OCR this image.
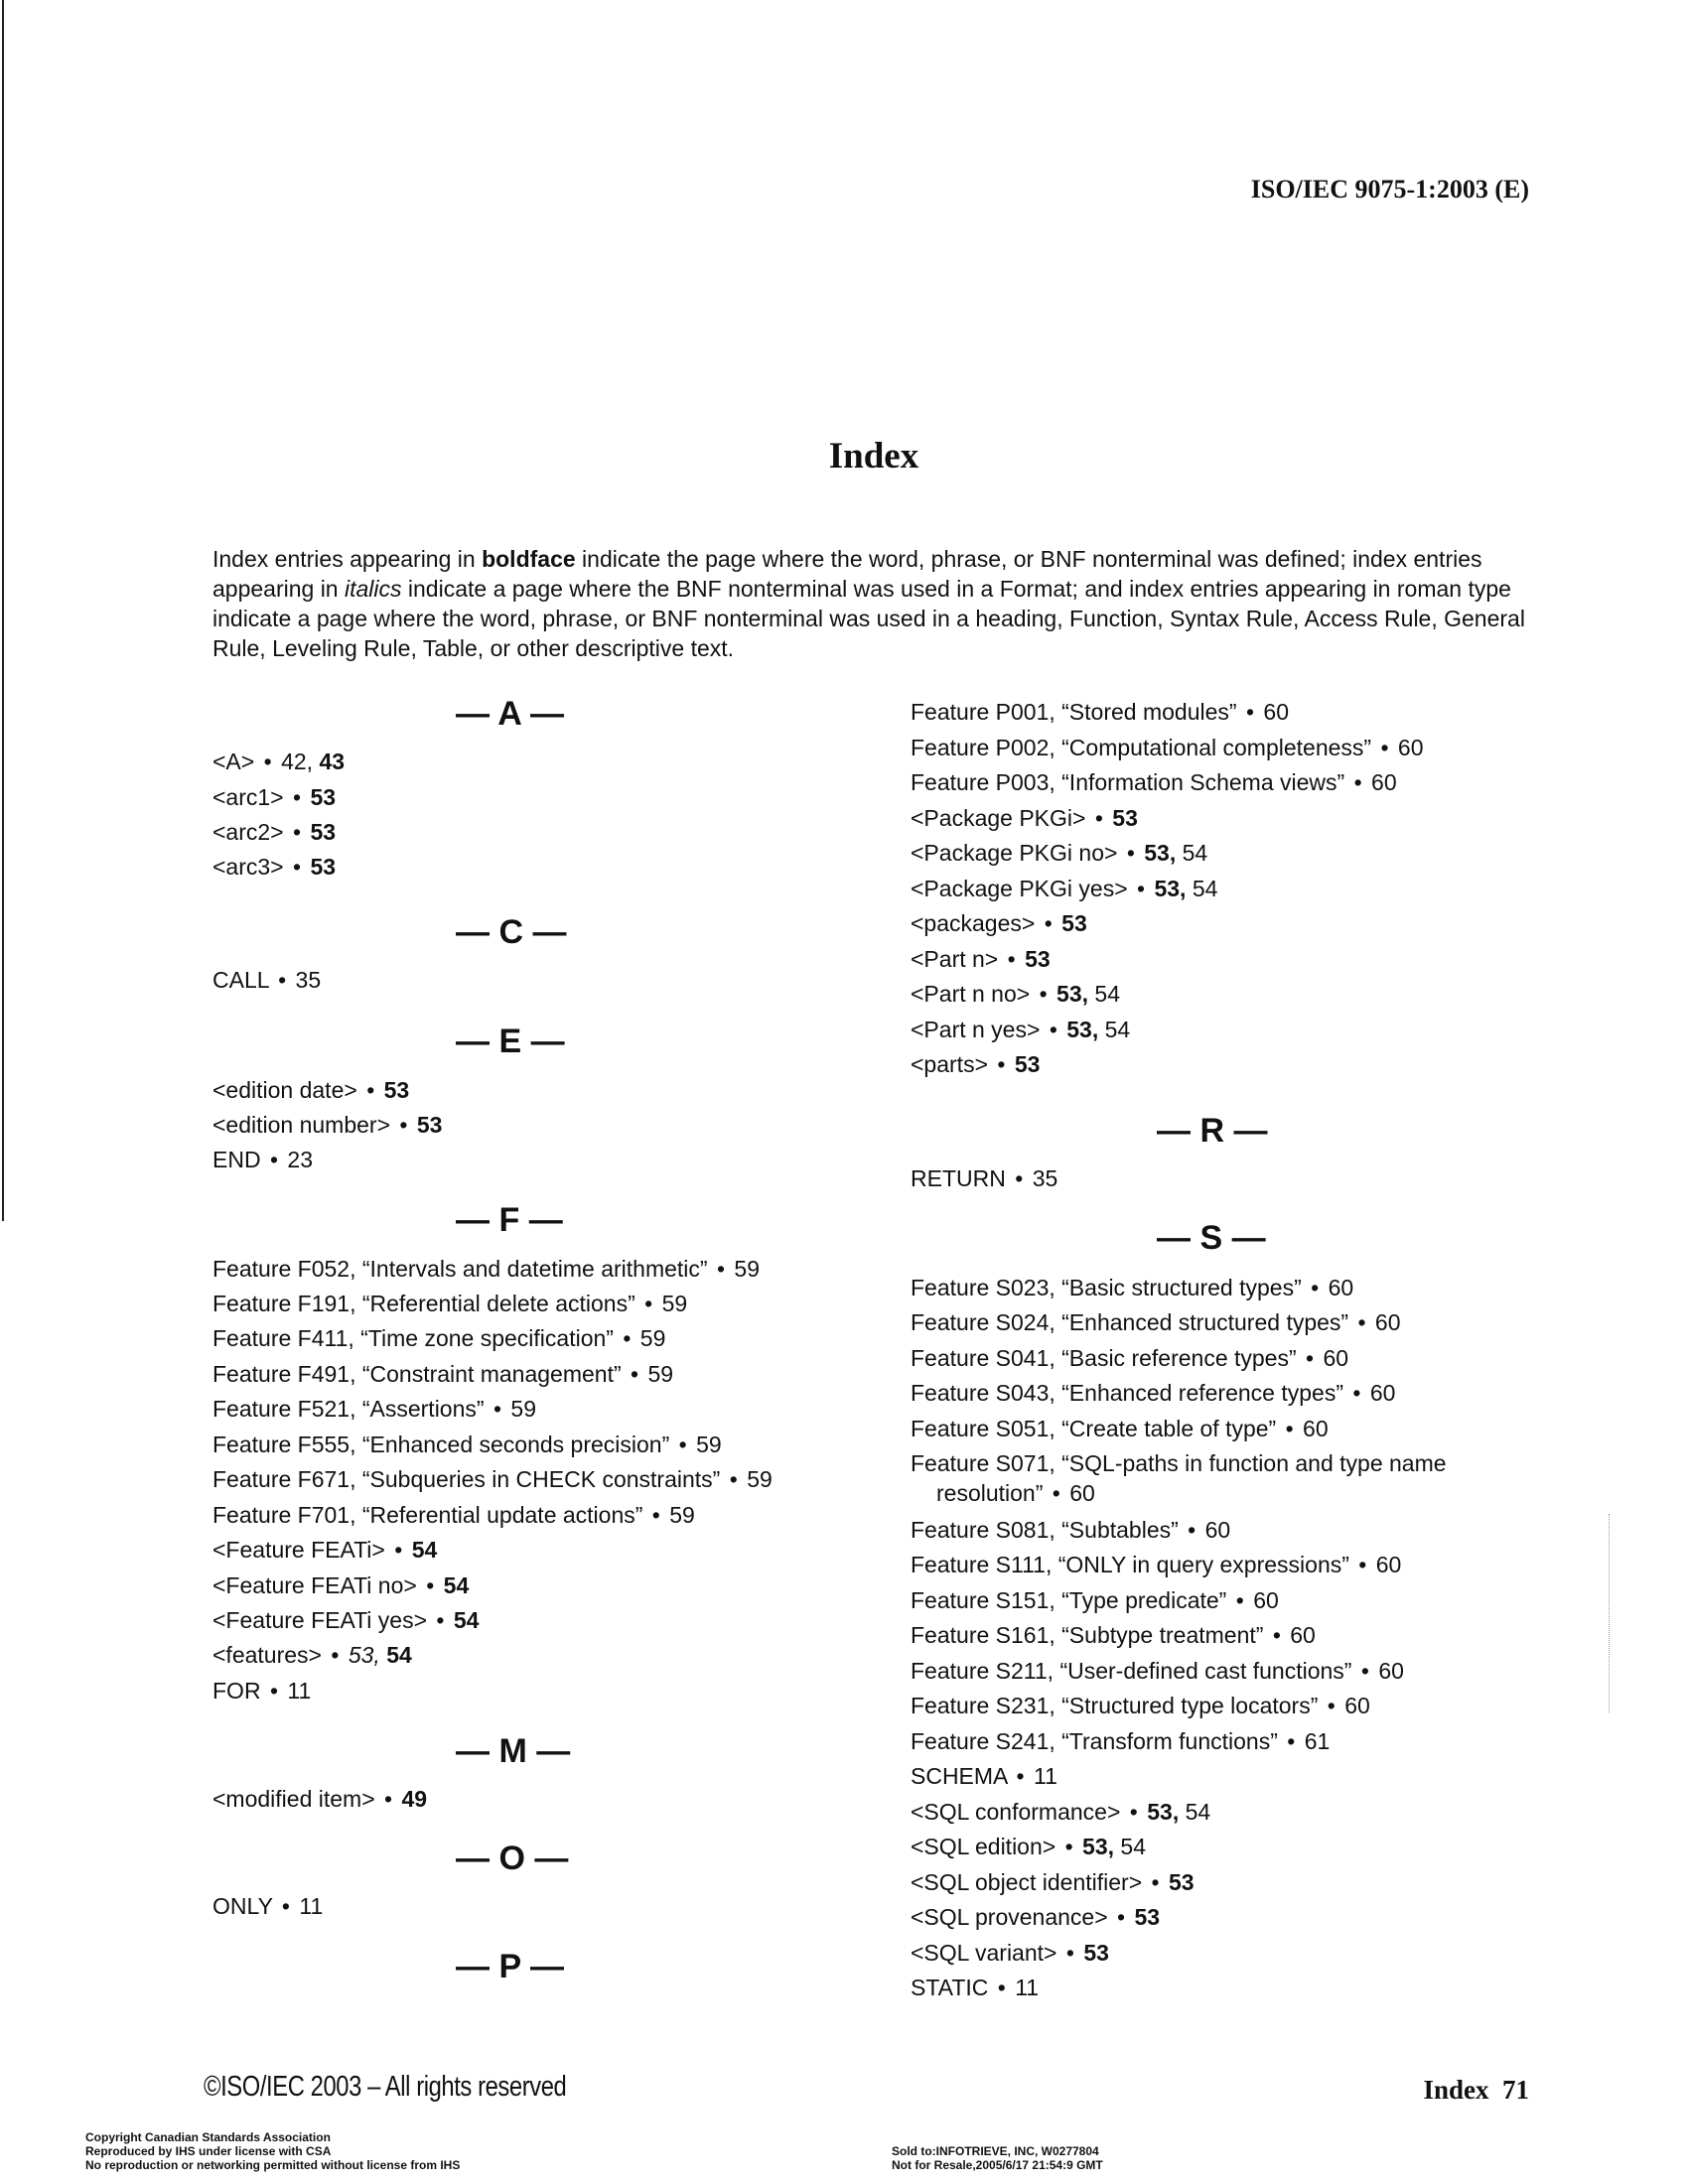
ISO/IEC 9075-1:2003 (E)
Index

Index entries appearing in boldface indicate the page where the word, phrase, or BNF nonterminal was defined; index entries appearing in italics indicate a page where the BNF nonterminal was used in a Format; and index entries appearing in roman type indicate a page where the word, phrase, or BNF nonterminal was used in a heading, Function, Syntax Rule, Access Rule, General Rule, Leveling Rule, Table, or other descriptive text.

— A —
<A> • 42, 43
<arc1> • 53
<arc2> • 53
<arc3> • 53
— C —
CALL • 35
— E —
<edition date> • 53
<edition number> • 53
END • 23
— F —
Feature F052, “Intervals and datetime arithmetic” • 59
Feature F191, “Referential delete actions” • 59
Feature F411, “Time zone specification” • 59
Feature F491, “Constraint management” • 59
Feature F521, “Assertions” • 59
Feature F555, “Enhanced seconds precision” • 59
Feature F671, “Subqueries in CHECK constraints” • 59
Feature F701, “Referential update actions” • 59
<Feature FEATi> • 54
<Feature FEATi no> • 54
<Feature FEATi yes> • 54
<features> • 53, 54
FOR • 11
— M —
<modified item> • 49
— O —
ONLY • 11
— P —
Feature P001, “Stored modules” • 60
Feature P002, “Computational completeness” • 60
Feature P003, “Information Schema views” • 60
<Package PKGi> • 53
<Package PKGi no> • 53, 54
<Package PKGi yes> • 53, 54
<packages> • 53
<Part n> • 53
<Part n no> • 53, 54
<Part n yes> • 53, 54
<parts> • 53
— R —
RETURN • 35
— S —
Feature S023, “Basic structured types” • 60
Feature S024, “Enhanced structured types” • 60
Feature S041, “Basic reference types” • 60
Feature S043, “Enhanced reference types” • 60
Feature S051, “Create table of type” • 60
Feature S071, “SQL-paths in function and type name
resolution” • 60
Feature S081, “Subtables” • 60
Feature S111, “ONLY in query expressions” • 60
Feature S151, “Type predicate” • 60
Feature S161, “Subtype treatment” • 60
Feature S211, “User-defined cast functions” • 60
Feature S231, “Structured type locators” • 60
Feature S241, “Transform functions” • 61
SCHEMA • 11
<SQL conformance> • 53, 54
<SQL edition> • 53, 54
<SQL object identifier> • 53
<SQL provenance> • 53
<SQL variant> • 53
STATIC • 11
©ISO/IEC 2003 – All rights reserved	Index 71
Copyright Canadian Standards Association
Reproduced by IHS under license with CSA
No reproduction or networking permitted without license from IHS
Sold to:INFOTRIEVE, INC, W0277804
Not for Resale,2005/6/17 21:54:9 GMT
